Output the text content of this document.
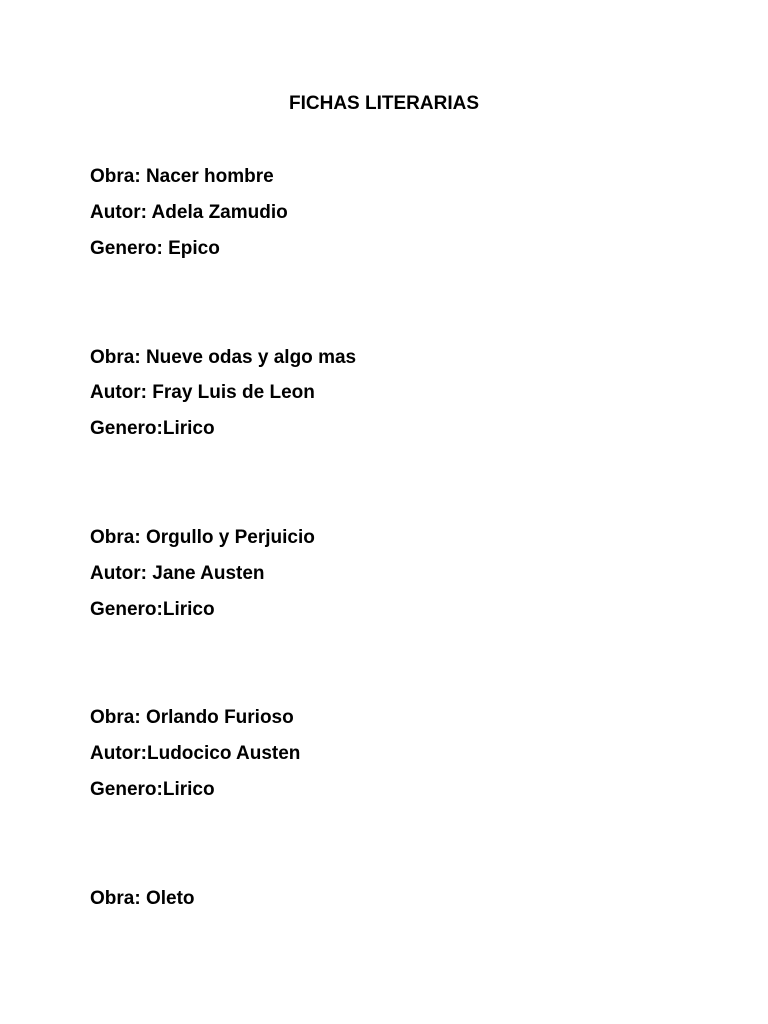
FICHAS LITERARIAS

Obra: Nacer hombre

Autor: Adela Zamudio

Genero: Epico

Obra: Nueve odas y algo mas

Autor: Fray Luis de Leon

Genero:Lirico

Obra: Orgullo y Perjuicio

Autor: Jane Austen

Genero:Lirico

Obra: Orlando Furioso

Autor:Ludocico Austen

Genero:Lirico

Obra: Oleto
